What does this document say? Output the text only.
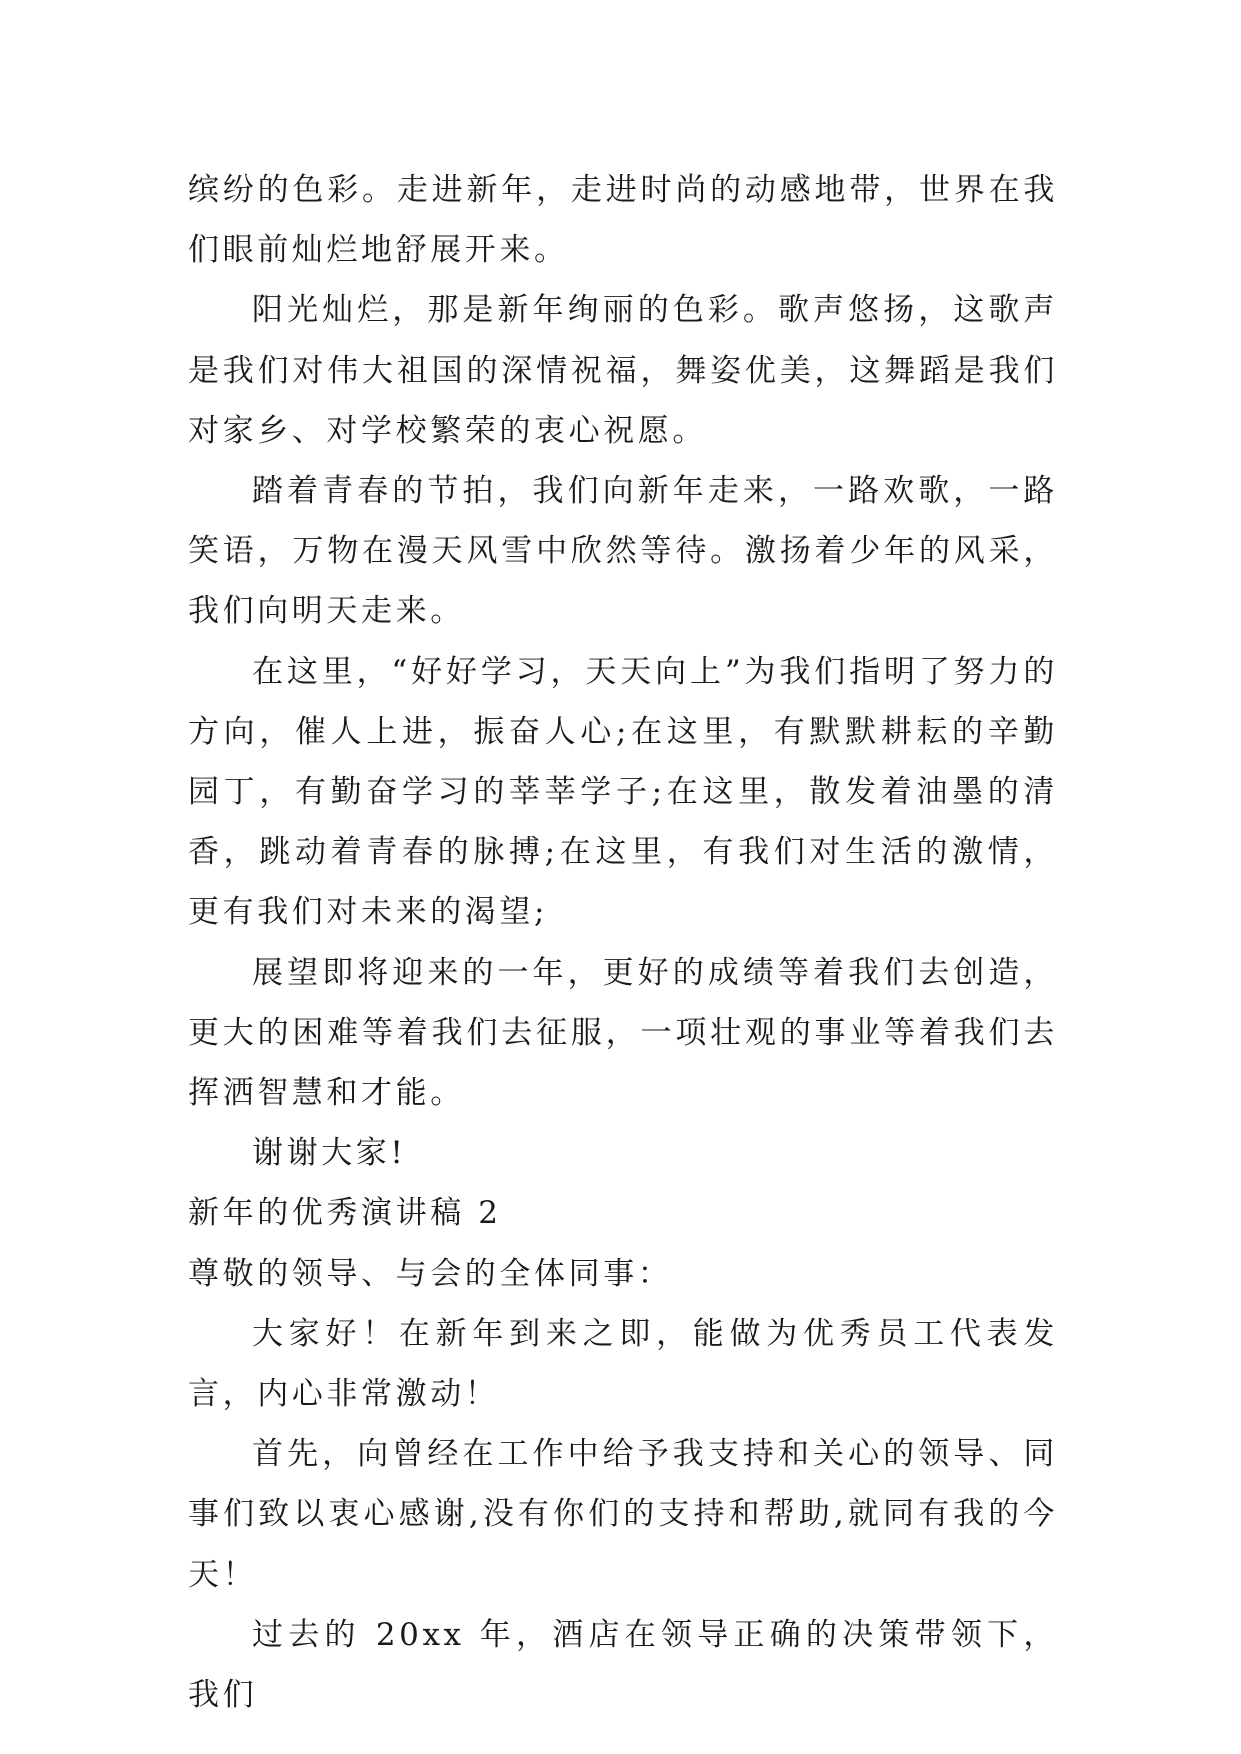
缤纷的色彩。走进新年，走进时尚的动感地带，世界在我们眼前灿烂地舒展开来。

阳光灿烂，那是新年绚丽的色彩。歌声悠扬，这歌声是我们对伟大祖国的深情祝福，舞姿优美，这舞蹈是我们对家乡、对学校繁荣的衷心祝愿。

踏着青春的节拍，我们向新年走来，一路欢歌，一路笑语，万物在漫天风雪中欣然等待。激扬着少年的风采，我们向明天走来。

在这里，“好好学习，天天向上”为我们指明了努力的方向，催人上进，振奋人心;在这里，有默默耕耘的辛勤园丁，有勤奋学习的莘莘学子;在这里，散发着油墨的清香，跳动着青春的脉搏;在这里，有我们对生活的激情，更有我们对未来的渴望;

展望即将迎来的一年，更好的成绩等着我们去创造，更大的困难等着我们去征服，一项壮观的事业等着我们去挥洒智慧和才能。

谢谢大家!

新年的优秀演讲稿 2

尊敬的领导、与会的全体同事：

大家好！在新年到来之即，能做为优秀员工代表发言，内心非常激动！

首先，向曾经在工作中给予我支持和关心的领导、同事们致以衷心感谢,没有你们的支持和帮助,就同有我的今天！

过去的 20xx 年，酒店在领导正确的决策带领下，我们
